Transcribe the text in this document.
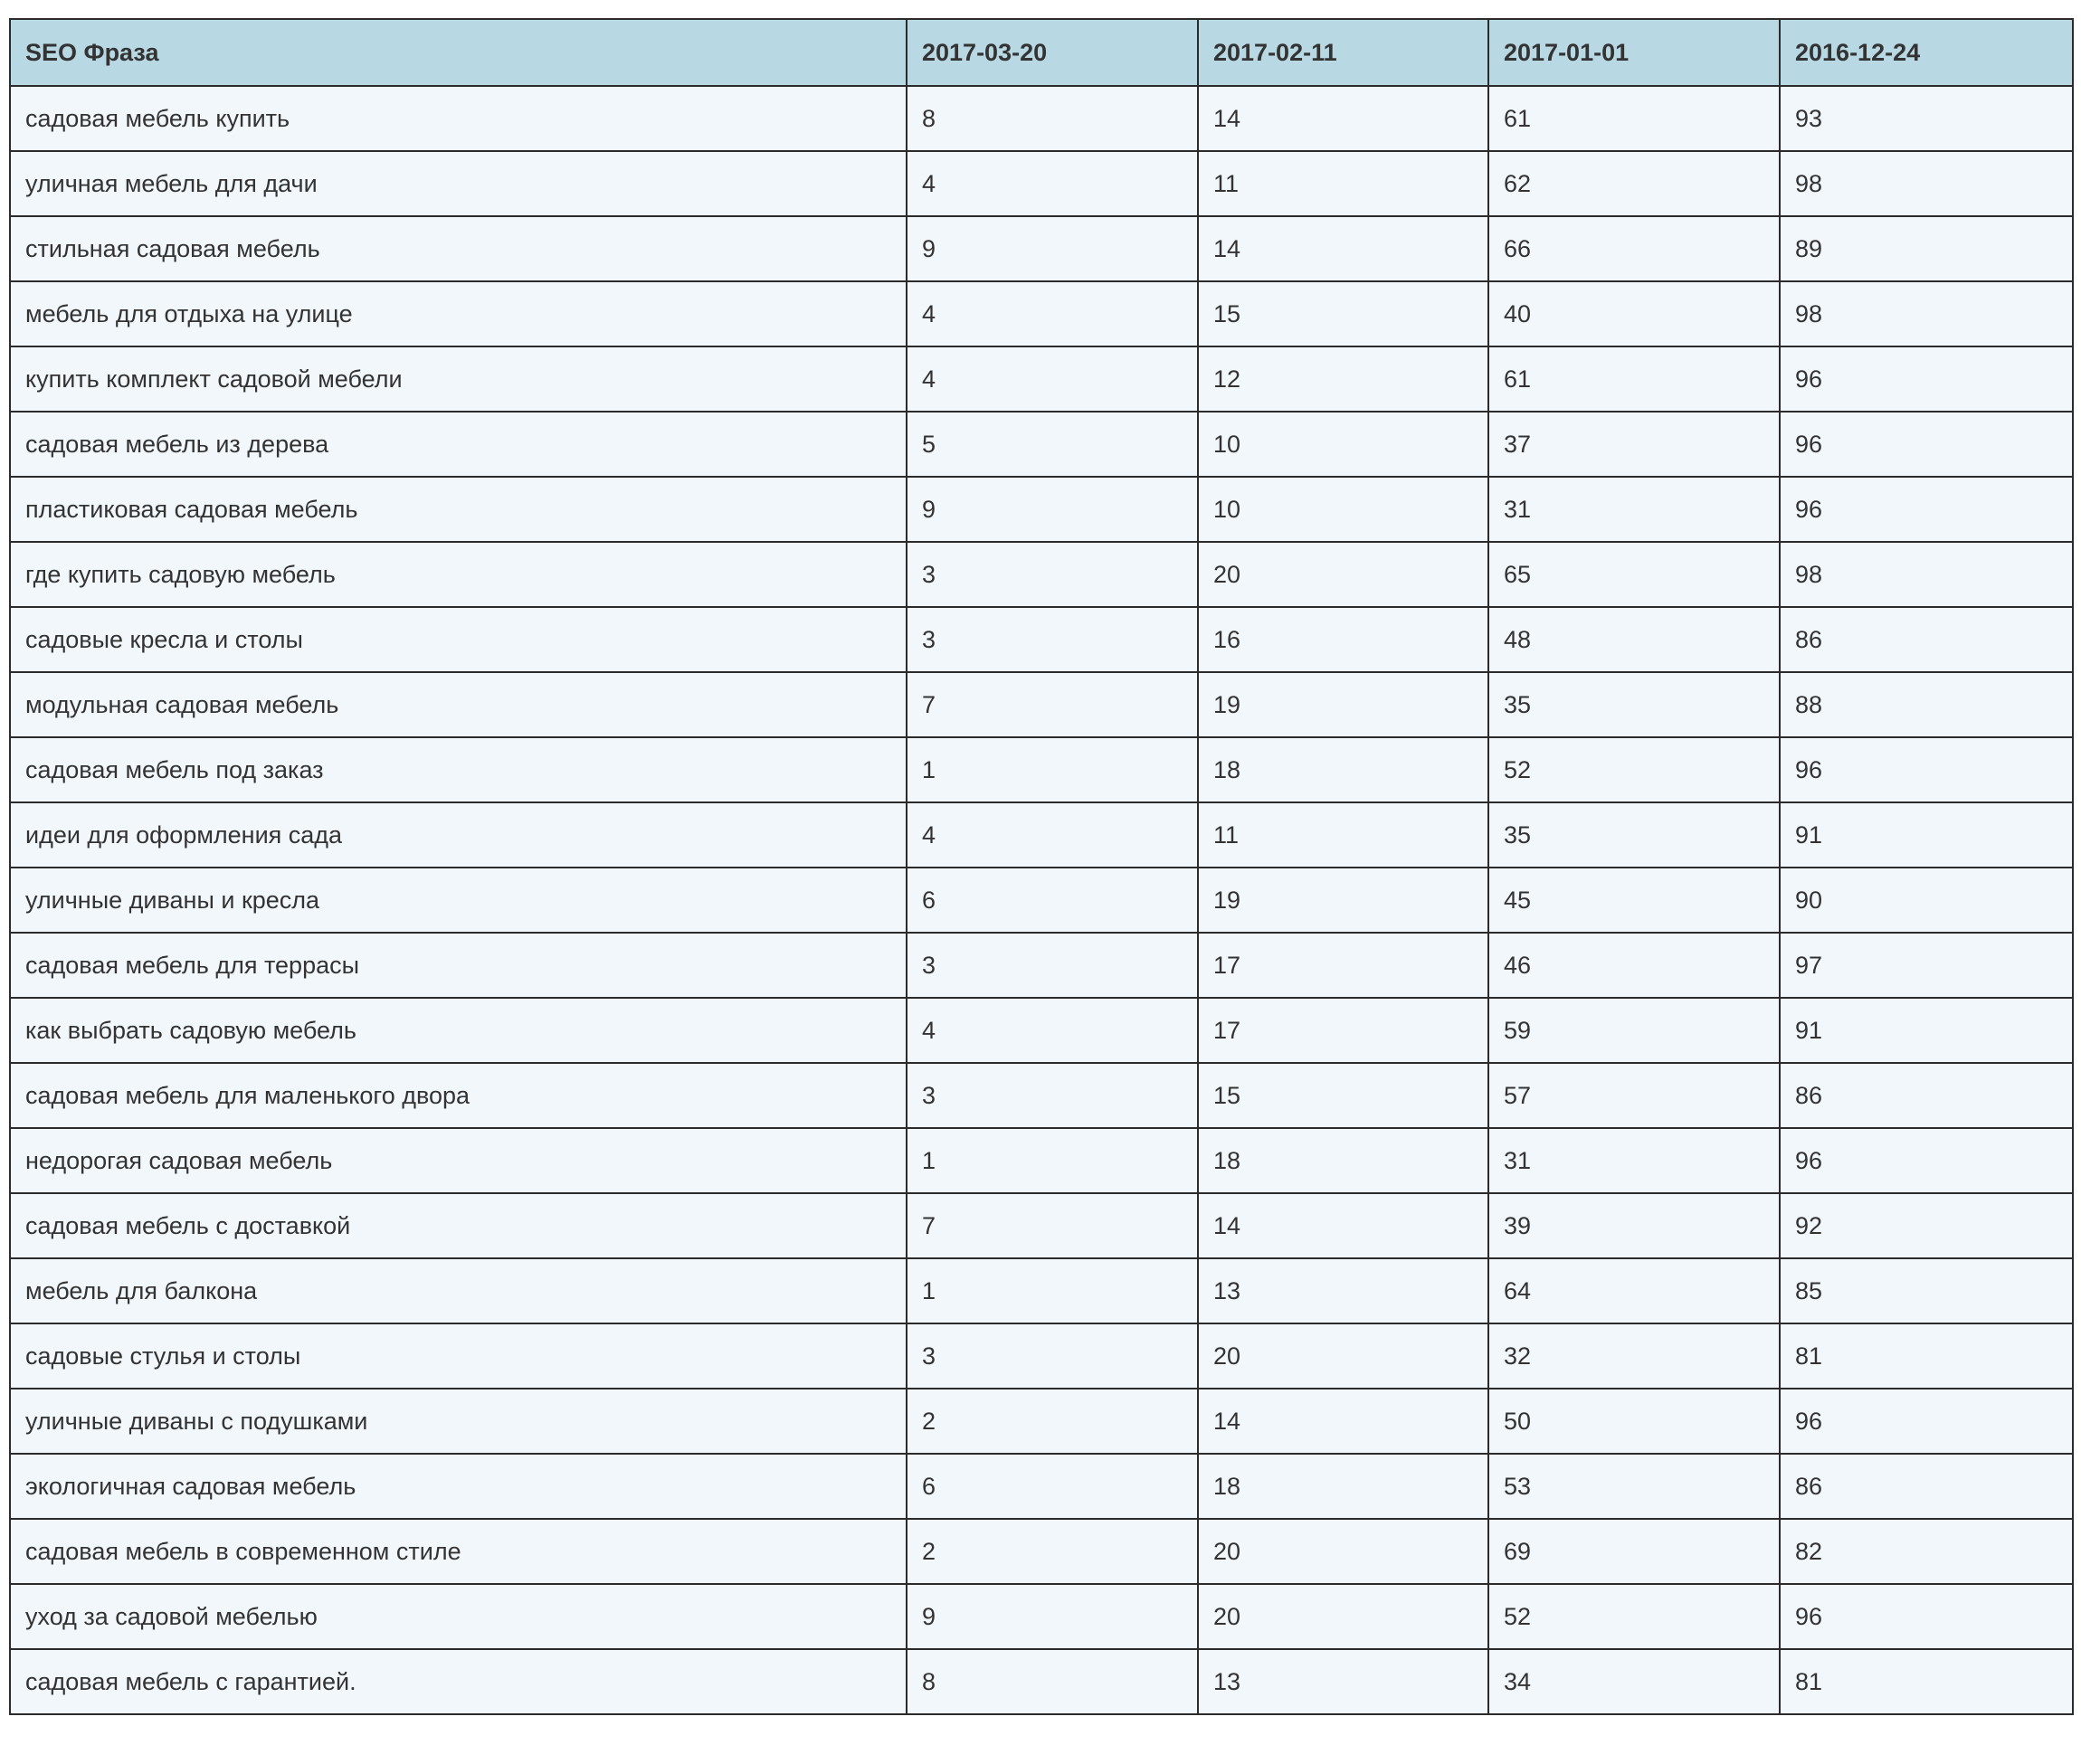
SEO Фраза	2017-03-20	2017-02-11	2017-01-01	2016-12-24
садовая мебель купить	8	14	61	93
уличная мебель для дачи	4	11	62	98
стильная садовая мебель	9	14	66	89
мебель для отдыха на улице	4	15	40	98
купить комплект садовой мебели	4	12	61	96
садовая мебель из дерева	5	10	37	96
пластиковая садовая мебель	9	10	31	96
где купить садовую мебель	3	20	65	98
садовые кресла и столы	3	16	48	86
модульная садовая мебель	7	19	35	88
садовая мебель под заказ	1	18	52	96
идеи для оформления сада	4	11	35	91
уличные диваны и кресла	6	19	45	90
садовая мебель для террасы	3	17	46	97
как выбрать садовую мебель	4	17	59	91
садовая мебель для маленького двора	3	15	57	86
недорогая садовая мебель	1	18	31	96
садовая мебель с доставкой	7	14	39	92
мебель для балкона	1	13	64	85
садовые стулья и столы	3	20	32	81
уличные диваны с подушками	2	14	50	96
экологичная садовая мебель	6	18	53	86
садовая мебель в современном стиле	2	20	69	82
уход за садовой мебелью	9	20	52	96
садовая мебель с гарантией.	8	13	34	81
